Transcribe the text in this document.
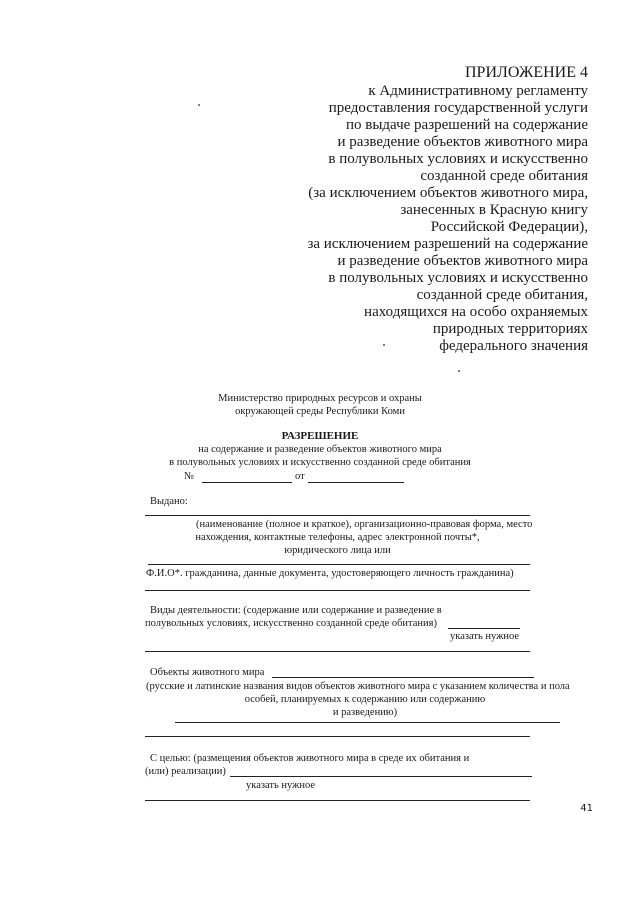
ПРИЛОЖЕНИЕ 4
к Административному регламенту
предоставления государственной услуги
по выдаче разрешений на содержание
и разведение объектов животного мира
в полувольных условиях и искусственно
созданной среде обитания
(за исключением объектов животного мира,
занесенных в Красную книгу
Российской Федерации),
за исключением разрешений на содержание
и разведение объектов животного мира
в полувольных условиях и искусственно
созданной среде обитания,
находящихся на особо охраняемых
природных территориях
федерального значения
Министерство природных ресурсов и охраны
окружающей среды Республики Коми
РАЗРЕШЕНИЕ
на содержание и разведение объектов животного мира
в полувольных условиях и искусственно созданной среде обитания
№	от
Выдано:
(наименование (полное и краткое), организационно-правовая форма, место
нахождения, контактные телефоны, адрес электронной почты*,
юридического лица или
Ф.И.О*. гражданина, данные документа, удостоверяющего личность гражданина)
Виды деятельности: (содержание или содержание и разведение в
полувольных условиях, искусственно созданной среде обитания)
указать нужное
Объекты животного мира
(русские и латинские названия видов объектов животного мира с указанием количества и пола
особей, планируемых к содержанию или содержанию
и разведению)
С целью: (размещения объектов животного мира в среде их обитания и
(или) реализации)
указать нужное
41
